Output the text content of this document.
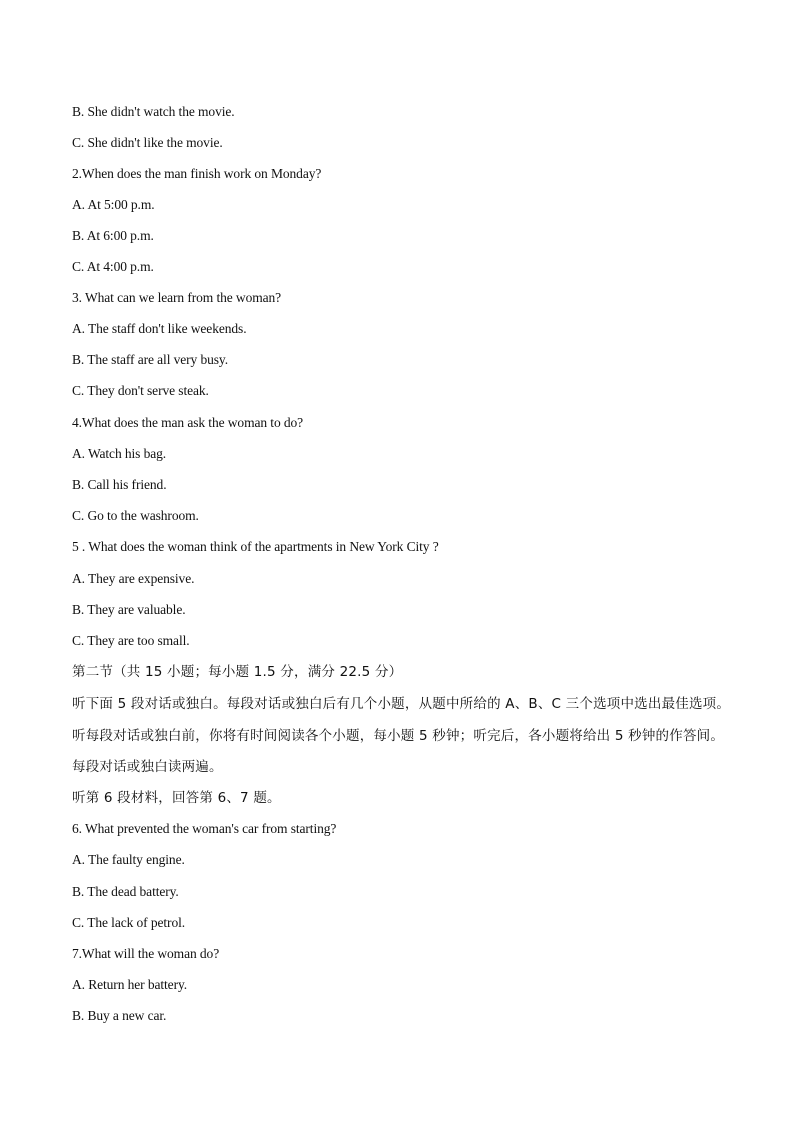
B. She didn't watch the movie.
C. She didn't like the movie.
2.When does the man finish work on Monday?
A. At 5:00 p.m.
B. At 6:00 p.m.
C. At 4:00 p.m.
3. What can we learn from the woman?
A. The staff don't like weekends.
B. The staff are all very busy.
C. They don't serve steak.
4.What does the man ask the woman to do?
A. Watch his bag.
B. Call his friend.
C. Go to the washroom.
5 . What does the woman think of the apartments in New York City ?
A. They are expensive.
B. They are valuable.
C. They are too small.
第二节（共 15 小题；每小题 1.5 分，满分 22.5 分）
听下面 5 段对话或独白。每段对话或独白后有几个小题，从题中所给的 A、B、C 三个选项中选出最佳选项。
听每段对话或独白前，你将有时间阅读各个小题，每小题 5 秒钟；听完后，各小题将给出 5 秒钟的作答间。
每段对话或独白读两遍。
听第 6 段材料，回答第 6、7 题。
6. What prevented the woman's car from starting?
A. The faulty engine.
B. The dead battery.
C. The lack of petrol.
7.What will the woman do?
A. Return her battery.
B. Buy a new car.
